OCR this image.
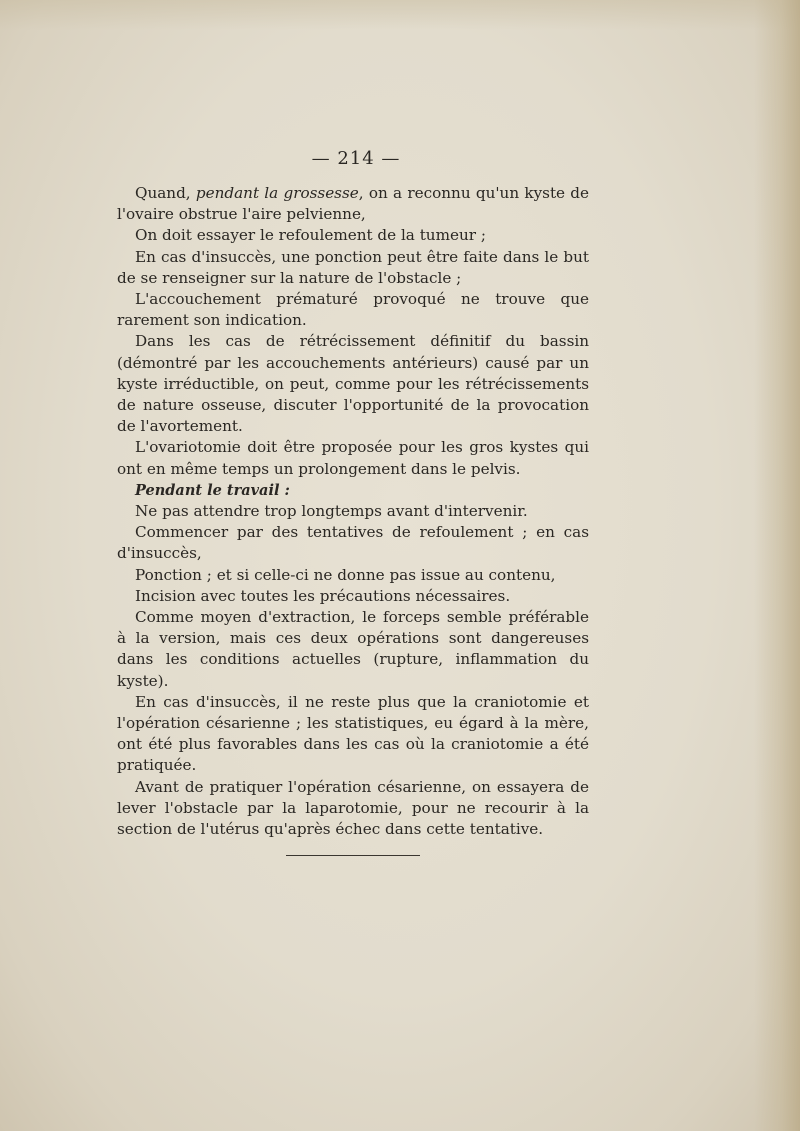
— 214 —

Quand, pendant la grossesse, on a reconnu qu'un kyste de l'ovaire obstrue l'aire pelvienne,

On doit essayer le refoulement de la tumeur ;

En cas d'insuccès, une ponction peut être faite dans le but de se renseigner sur la nature de l'obstacle ;

L'accouchement prématuré provoqué ne trouve que rarement son indication.

Dans les cas de rétrécissement définitif du bassin (démontré par les accouchements antérieurs) causé par un kyste irréductible, on peut, comme pour les rétrécissements de nature osseuse, discuter l'opportunité de la provocation de l'avortement.

L'ovariotomie doit être proposée pour les gros kystes qui ont en même temps un prolongement dans le pelvis.

Pendant le travail :

Ne pas attendre trop longtemps avant d'intervenir.

Commencer par des tentatives de refoulement ; en cas d'insuccès,

Ponction ; et si celle-ci ne donne pas issue au contenu,

Incision avec toutes les précautions nécessaires.

Comme moyen d'extraction, le forceps semble préférable à la version, mais ces deux opérations sont dangereuses dans les conditions actuelles (rupture, inflammation du kyste).

En cas d'insuccès, il ne reste plus que la craniotomie et l'opération césarienne ; les statistiques, eu égard à la mère, ont été plus favorables dans les cas où la craniotomie a été pratiquée.

Avant de pratiquer l'opération césarienne, on essayera de lever l'obstacle par la laparotomie, pour ne recourir à la section de l'utérus qu'après échec dans cette tentative.
